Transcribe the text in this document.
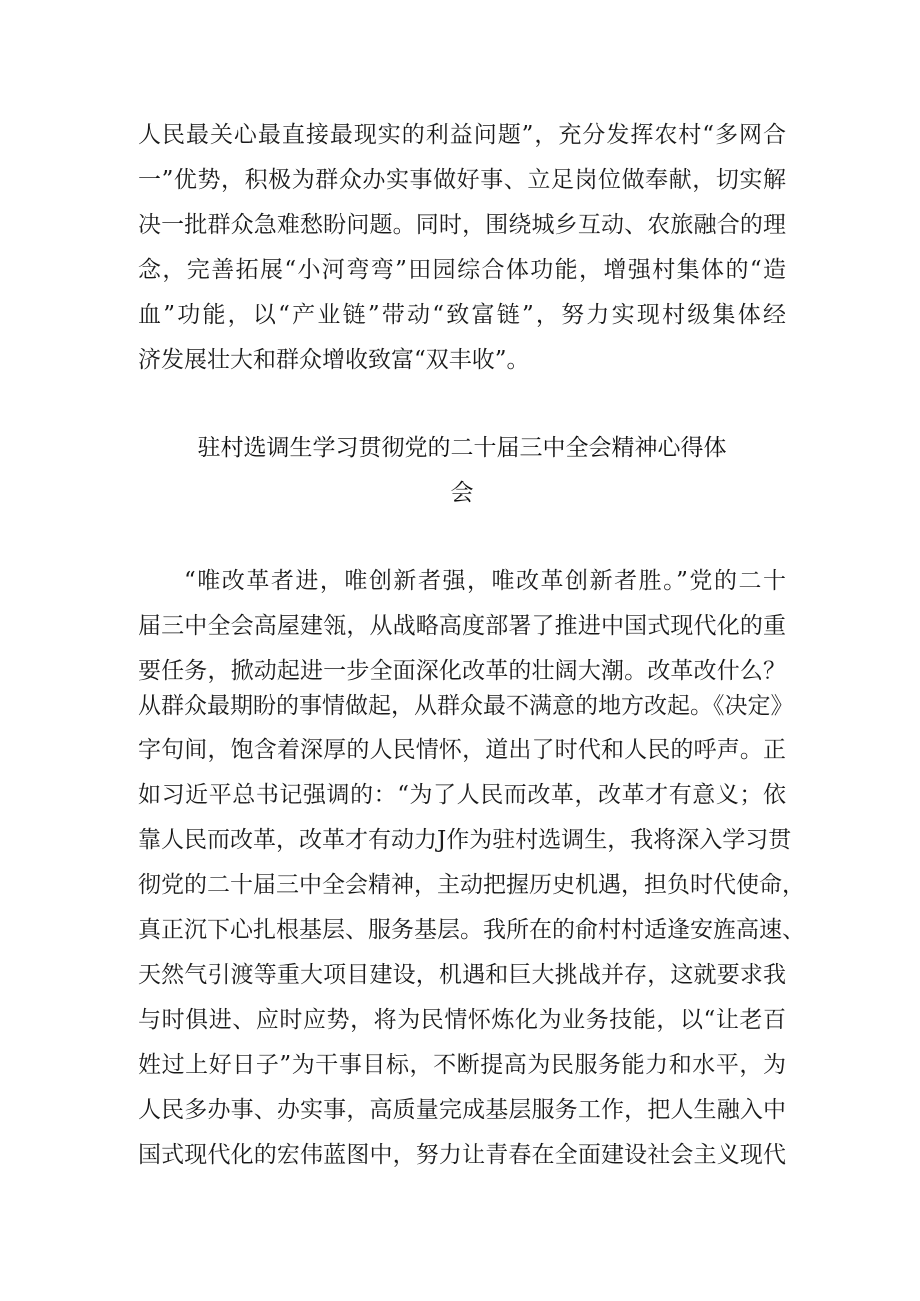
人民最关心最直接最现实的利益问题”，充分发挥农村“多网合
一”优势，积极为群众办实事做好事、立足岗位做奉献，切实解
决一批群众急难愁盼问题。同时，围绕城乡互动、农旅融合的理
念，完善拓展“小河弯弯”田园综合体功能，增强村集体的“造
血”功能，以“产业链”带动“致富链”，努力实现村级集体经
济发展壮大和群众增收致富“双丰收”。
驻村选调生学习贯彻党的二十届三中全会精神心得体
会
“唯改革者进，唯创新者强，唯改革创新者胜。”党的二十
届三中全会高屋建瓴，从战略高度部署了推进中国式现代化的重
要任务，掀动起进一步全面深化改革的壮阔大潮。改革改什么？
从群众最期盼的事情做起，从群众最不满意的地方改起。《决定》
字句间，饱含着深厚的人民情怀，道出了时代和人民的呼声。正
如习近平总书记强调的：“为了人民而改革，改革才有意义；依
靠人民而改革，改革才有动力J作为驻村选调生，我将深入学习贯
彻党的二十届三中全会精神，主动把握历史机遇，担负时代使命，
真正沉下心扎根基层、服务基层。我所在的俞村村适逢安旌高速、
天然气引渡等重大项目建设，机遇和巨大挑战并存，这就要求我
与时俱进、应时应势，将为民情怀炼化为业务技能，以“让老百
姓过上好日子”为干事目标，不断提高为民服务能力和水平，为
人民多办事、办实事，高质量完成基层服务工作，把人生融入中
国式现代化的宏伟蓝图中，努力让青春在全面建设社会主义现代
